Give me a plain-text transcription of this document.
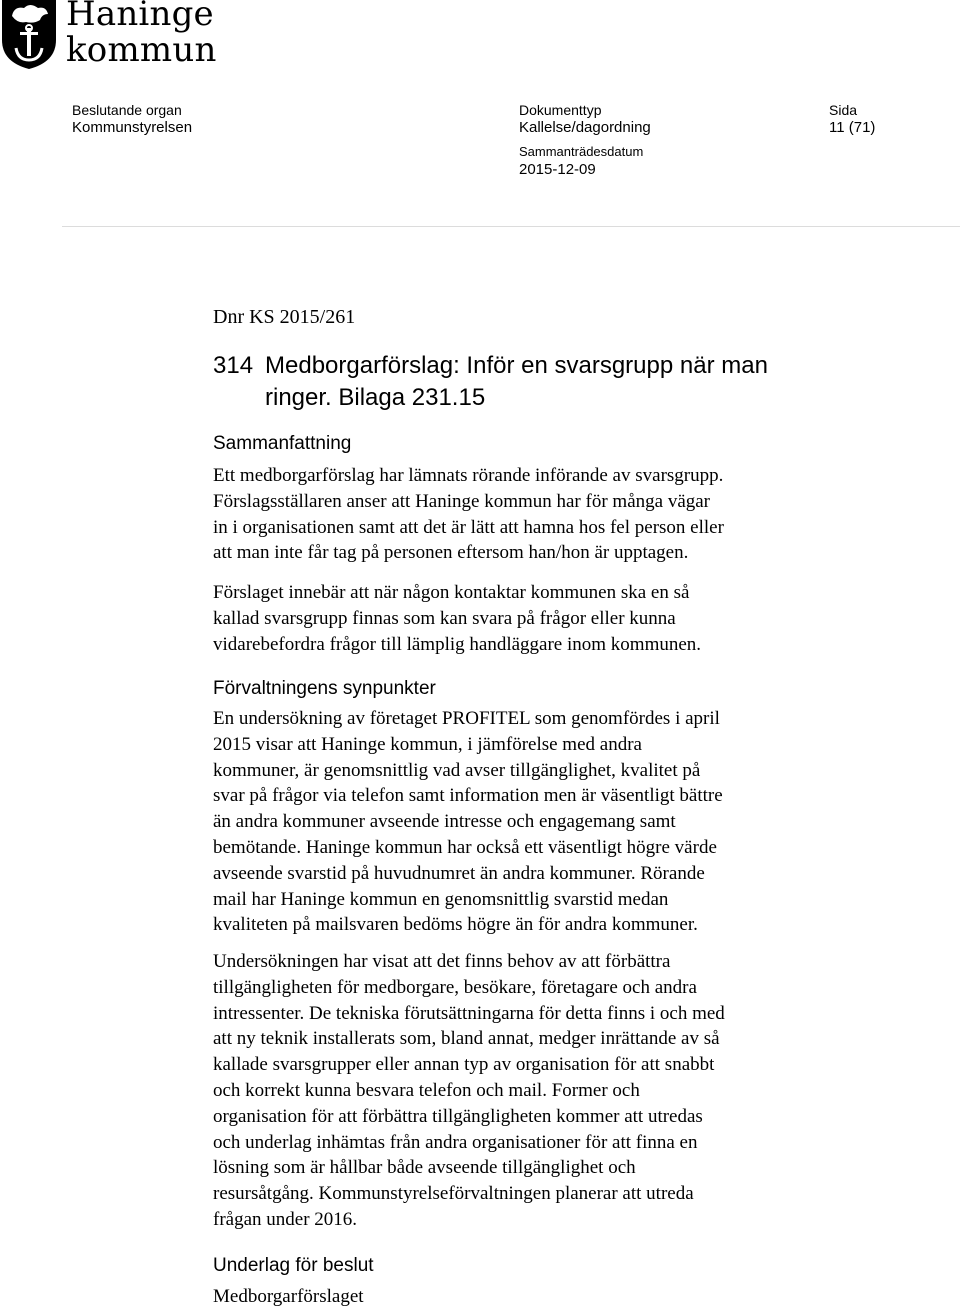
Haninge
kommun
Beslutande organ
Kommunstyrelsen
Dokumenttyp
Kallelse/dagordning
Sammanträdesdatum
2015-12-09
Sida
11 (71)
Dnr KS 2015/261
314 Medborgarförslag: Inför en svarsgrupp när man
ringer. Bilaga 231.15
Sammanfattning

Ett medborgarförslag har lämnats rörande införande av svarsgrupp.
Förslagsställaren anser att Haninge kommun har för många vägar
in i organisationen samt att det är lätt att hamna hos fel person eller
att man inte får tag på personen eftersom han/hon är upptagen.

Förslaget innebär att när någon kontaktar kommunen ska en så
kallad svarsgrupp finnas som kan svara på frågor eller kunna
vidarebefordra frågor till lämplig handläggare inom kommunen.

Förvaltningens synpunkter

En undersökning av företaget PROFITEL som genomfördes i april
2015 visar att Haninge kommun, i jämförelse med andra
kommuner, är genomsnittlig vad avser tillgänglighet, kvalitet på
svar på frågor via telefon samt information men är väsentligt bättre
än andra kommuner avseende intresse och engagemang samt
bemötande. Haninge kommun har också ett väsentligt högre värde
avseende svarstid på huvudnumret än andra kommuner. Rörande
mail har Haninge kommun en genomsnittlig svarstid medan
kvaliteten på mailsvaren bedöms högre än för andra kommuner.

Undersökningen har visat att det finns behov av att förbättra
tillgängligheten för medborgare, besökare, företagare och andra
intressenter. De tekniska förutsättningarna för detta finns i och med
att ny teknik installerats som, bland annat, medger inrättande av så
kallade svarsgrupper eller annan typ av organisation för att snabbt
och korrekt kunna besvara telefon och mail. Former och
organisation för att förbättra tillgängligheten kommer att utredas
och underlag inhämtas från andra organisationer för att finna en
lösning som är hållbar både avseende tillgänglighet och
resursåtgång. Kommunstyrelseförvaltningen planerar att utreda
frågan under 2016.

Underlag för beslut
Medborgarförslaget
